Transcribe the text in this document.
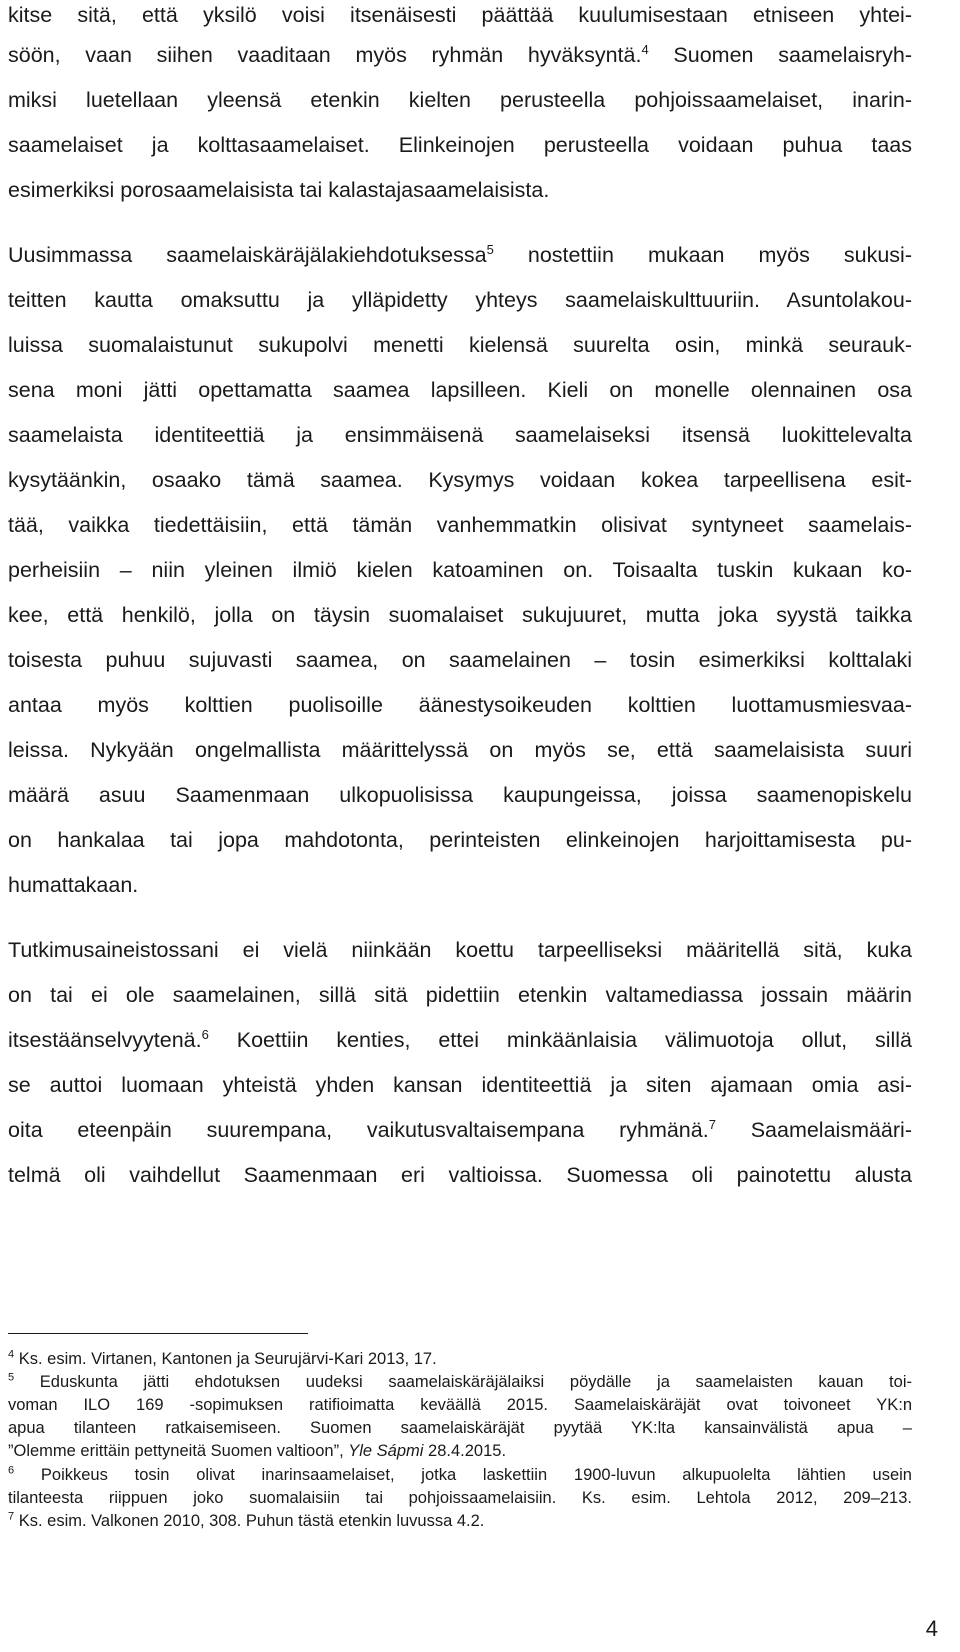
kitse sitä, että yksilö voisi itsenäisesti päättää kuulumisestaan etniseen yhtei-
söön, vaan siihen vaaditaan myös ryhmän hyväksyntä.$^4$ Suomen saamelaisryh-
miksi luetellaan yleensä etenkin kielten perusteella pohjoissaamelaiset, inarin-
saamelaiset ja kolttasaamelaiset. Elinkeinojen perusteella voidaan puhua taas
esimerkiksi porosaamelaisista tai kalastajasaamelaisista.
Uusimmassa saamelaiskäräjälakiehdotuksessa$^5$ nostettiin mukaan myös sukusi-
teitten kautta omaksuttu ja ylläpidetty yhteys saamelaiskulttuuriin. Asuntolakou-
luissa suomalaistunut sukupolvi menetti kielensä suurelta osin, minkä seurauk-
sena moni jätti opettamatta saamea lapsilleen. Kieli on monelle olennainen osa
saamelaista identiteettiä ja ensimmäisenä saamelaiseksi itsensä luokittelevalta
kysytäänkin, osaako tämä saamea. Kysymys voidaan kokea tarpeellisena esit-
tää, vaikka tiedettäisiin, että tämän vanhemmatkin olisivat syntyneet saamelais-
perheisiin – niin yleinen ilmiö kielen katoaminen on. Toisaalta tuskin kukaan ko-
kee, että henkilö, jolla on täysin suomalaiset sukujuuret, mutta joka syystä taikka
toisesta puhuu sujuvasti saamea, on saamelainen – tosin esimerkiksi kolttalaki
antaa myös kolttien puolisoille äänestysoikeuden kolttien luottamusmiesvaa-
leissa. Nykyään ongelmallista määrittelyssä on myös se, että saamelaisista suuri
määrä asuu Saamenmaan ulkopuolisissa kaupungeissa, joissa saamenopiskelu
on hankalaa tai jopa mahdotonta, perinteisten elinkeinojen harjoittamisesta pu-
humattakaan.
Tutkimusaineistossani ei vielä niinkään koettu tarpeelliseksi määritellä sitä, kuka
on tai ei ole saamelainen, sillä sitä pidettiin etenkin valtamediassa jossain määrin
itsestäänselvyytenä.$^6$ Koettiin kenties, ettei minkäänlaisia välimuotoja ollut, sillä
se auttoi luomaan yhteistä yhden kansan identiteettiä ja siten ajamaan omia asi-
oita eteenpäin suurempana, vaikutusvaltaisempana ryhmänä.$^7$ Saamelaismääri-
telmä oli vaihdellut Saamenmaan eri valtioissa. Suomessa oli painotettu alusta
$^4$ Ks. esim. Virtanen, Kantonen ja Seurujärvi-Kari 2013, 17.
$^5$ Eduskunta jätti ehdotuksen uudeksi saamelaiskäräjälaiksi pöydälle ja saamelaisten kauan toi-
voman ILO 169 -sopimuksen ratifioimatta keväällä 2015. Saamelaiskäräjät ovat toivoneet YK:n
apua tilanteen ratkaisemiseen. Suomen saamelaiskäräjät pyytää YK:lta kansainvälistä apua –
”Olemme erittäin pettyneitä Suomen valtioon”, Yle Sápmi 28.4.2015.
$^6$ Poikkeus tosin olivat inarinsaamelaiset, jotka laskettiin 1900-luvun alkupuolelta lähtien usein
tilanteesta riippuen joko suomalaisiin tai pohjoissaamelaisiin. Ks. esim. Lehtola 2012, 209–213.
$^7$ Ks. esim. Valkonen 2010, 308. Puhun tästä etenkin luvussa 4.2.
4
